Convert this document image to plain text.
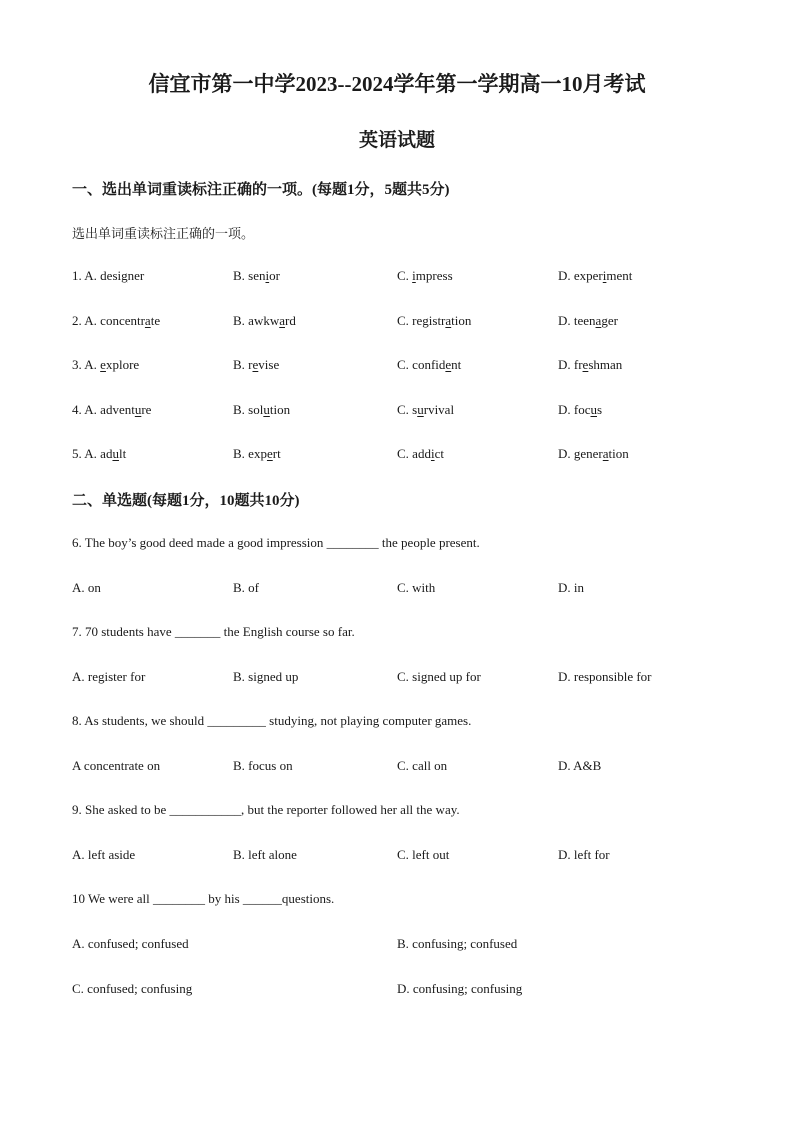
信宜市第一中学2023--2024学年第一学期高一10月考试
英语试题
一、选出单词重读标注正确的一项。(每题1分，5题共5分)
选出单词重读标注正确的一项。
1. A. designer	B. senior	C. impress	D. experiment
2. A. concentrate	B. awkward	C. registration	D. teenager
3. A. explore	B. revise	C. confident	D. freshman
4. A. adventure	B. solution	C. survival	D. focus
5. A. adult	B. expert	C. addict	D. generation
二、单选题(每题1分，10题共10分)
6. The boy’s good deed made a good impression ________ the people present.
A. on	B. of	C. with	D. in
7. 70 students have _______ the English course so far.
A. register for	B. signed up	C. signed up for	D. responsible for
8. As students, we should _________ studying, not playing computer games.
A concentrate on	B. focus on	C. call on	D. A&B
9. She asked to be ___________, but the reporter followed her all the way.
A. left aside	B. left alone	C. left out	D. left for
10 We were all ________ by his ______questions.
A. confused; confused	B. confusing; confused
C. confused; confusing	D. confusing; confusing
